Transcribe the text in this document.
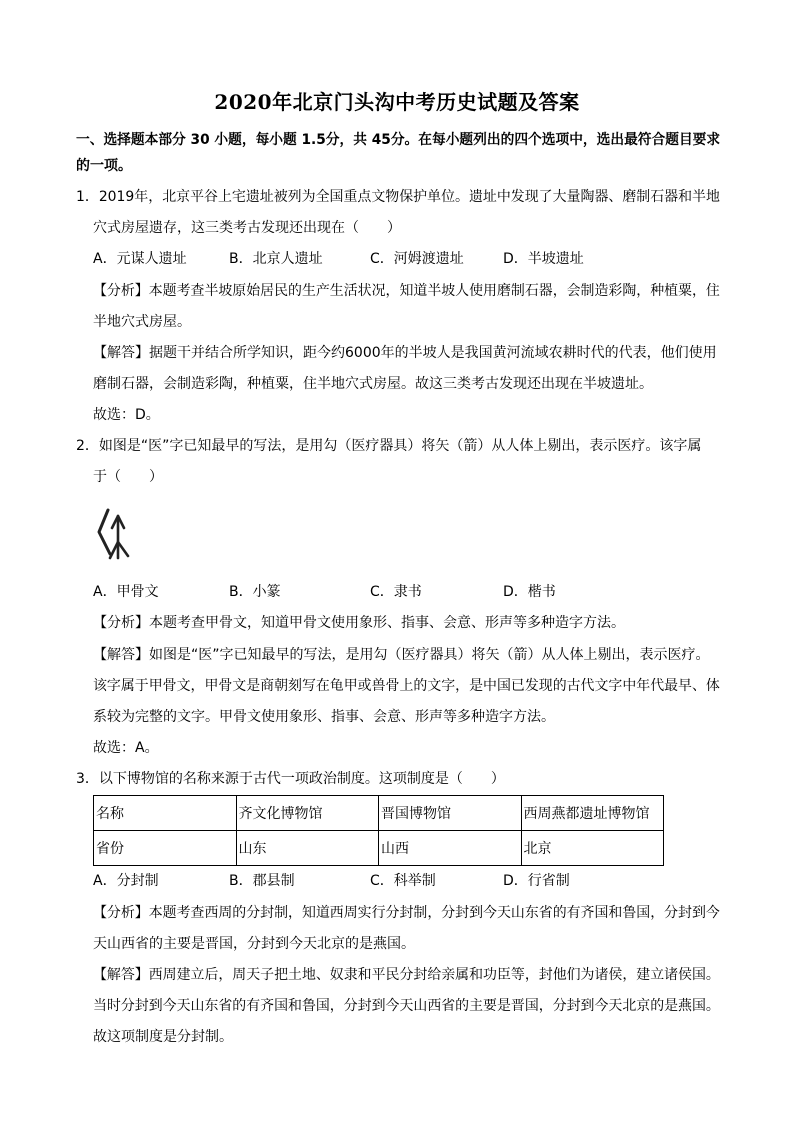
2020年北京门头沟中考历史试题及答案
一、选择题本部分 30 小题，每小题 1.5分，共 45分。在每小题列出的四个选项中，选出最符合题目要求
的一项。
1．2019年，北京平谷上宅遗址被列为全国重点文物保护单位。遗址中发现了大量陶器、磨制石器和半地
穴式房屋遗存，这三类考古发现还出现在（　　）
A．元谋人遗址	B．北京人遗址	C．河姆渡遗址	D．半坡遗址
【分析】本题考查半坡原始居民的生产生活状况，知道半坡人使用磨制石器，会制造彩陶，种植粟，住
半地穴式房屋。
【解答】据题干并结合所学知识，距今约6000年的半坡人是我国黄河流域农耕时代的代表，他们使用
磨制石器，会制造彩陶，种植粟，住半地穴式房屋。故这三类考古发现还出现在半坡遗址。
故选：D。
2．如图是“医”字已知最早的写法，是用勾（医疗器具）将矢（箭）从人体上剔出，表示医疗。该字属
于（　　）
A．甲骨文	B．小篆	C．隶书	D．楷书
【分析】本题考查甲骨文，知道甲骨文使用象形、指事、会意、形声等多种造字方法。
【解答】如图是“医”字已知最早的写法，是用勾（医疗器具）将矢（箭）从人体上剔出，表示医疗。
该字属于甲骨文，甲骨文是商朝刻写在龟甲或兽骨上的文字，是中国已发现的古代文字中年代最早、体
系较为完整的文字。甲骨文使用象形、指事、会意、形声等多种造字方法。
故选：A。
3．以下博物馆的名称来源于古代一项政治制度。这项制度是（　　）
名称	齐文化博物馆	晋国博物馆	西周燕都遗址博物馆
省份	山东	山西	北京
A．分封制	B．郡县制	C．科举制	D．行省制
【分析】本题考查西周的分封制，知道西周实行分封制，分封到今天山东省的有齐国和鲁国，分封到今
天山西省的主要是晋国，分封到今天北京的是燕国。
【解答】西周建立后，周天子把土地、奴隶和平民分封给亲属和功臣等，封他们为诸侯，建立诸侯国。
当时分封到今天山东省的有齐国和鲁国，分封到今天山西省的主要是晋国，分封到今天北京的是燕国。
故这项制度是分封制。
